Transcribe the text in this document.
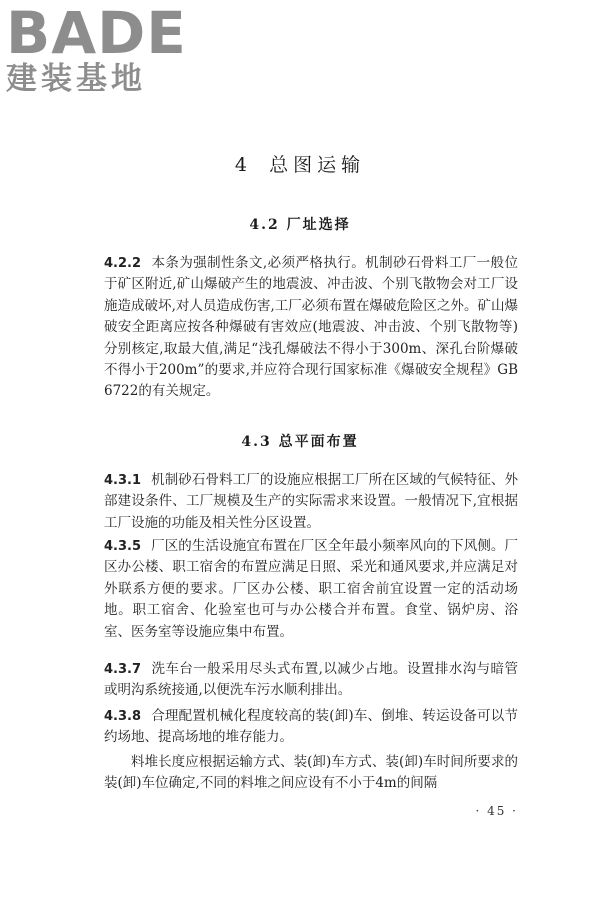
BADE
建装基地
4 总图运输
4.2 厂址选择
4.2.2 本条为强制性条文,必须严格执行。机制砂石骨料工厂一般位于矿区附近,矿山爆破产生的地震波、冲击波、个别飞散物会对工厂设施造成破坏,对人员造成伤害,工厂必须布置在爆破危险区之外。矿山爆破安全距离应按各种爆破有害效应(地震波、冲击波、个别飞散物等)分别核定,取最大值,满足“浅孔爆破法不得小于300m、深孔台阶爆破不得小于200m”的要求,并应符合现行国家标准《爆破安全规程》GB 6722的有关规定。
4.3 总平面布置
4.3.1 机制砂石骨料工厂的设施应根据工厂所在区域的气候特征、外部建设条件、工厂规模及生产的实际需求来设置。一般情况下,宜根据工厂设施的功能及相关性分区设置。
4.3.5 厂区的生活设施宜布置在厂区全年最小频率风向的下风侧。厂区办公楼、职工宿舍的布置应满足日照、采光和通风要求,并应满足对外联系方便的要求。厂区办公楼、职工宿舍前宜设置一定的活动场地。职工宿舍、化验室也可与办公楼合并布置。食堂、锅炉房、浴室、医务室等设施应集中布置。
4.3.7 洗车台一般采用尽头式布置,以减少占地。设置排水沟与暗管或明沟系统接通,以便洗车污水顺利排出。
4.3.8 合理配置机械化程度较高的装(卸)车、倒堆、转运设备可以节约场地、提高场地的堆存能力。
料堆长度应根据运输方式、装(卸)车方式、装(卸)车时间所要求的装(卸)车位确定,不同的料堆之间应设有不小于4m的间隔
· 45 ·
